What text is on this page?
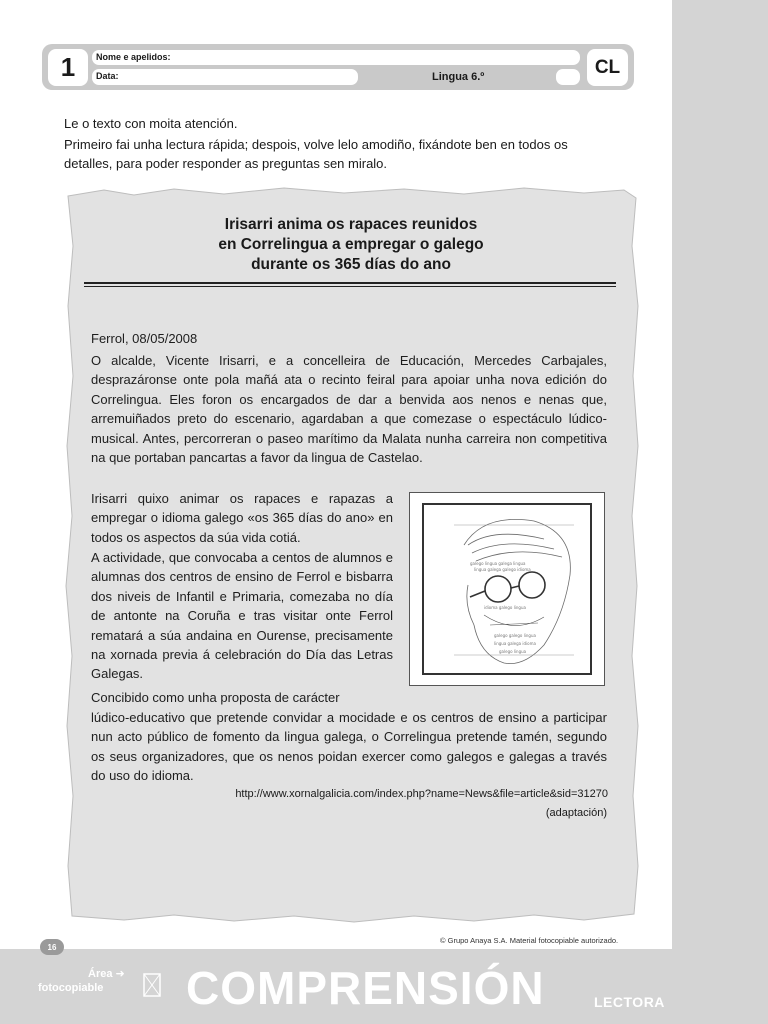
1	Nome e apelidos:
Data:	Lingua 6.º	CL
Le o texto con moita atención.
Primeiro fai unha lectura rápida; despois, volve lelo amodiño, fixándote ben en todos os
detalles, para poder responder as preguntas sen miralo.
Irisarri anima os rapaces reunidos
en Correlingua a empregar o galego
durante os 365 días do ano
Ferrol, 08/05/2008
O alcalde, Vicente Irisarri, e a concelleira de Educación, Mercedes Carbajales, desprazáronse onte pola mañá ata o recinto feiral para apoiar unha nova edición do Correlingua. Eles foron os encargados de dar a benvida aos nenos e nenas que, arremuiñados preto do escenario, agardaban a que comezase o espectáculo lúdico-musical. Antes, percorreran o paseo marítimo da Malata nunha carreira non competitiva na que portaban pancartas a favor da lingua de Castelao.
Irisarri quixo animar os rapaces e rapazas a empregar o idioma galego «os 365 días do ano» en todos os aspectos da súa vida cotiá.
A actividade, que convocaba a centos de alumnos e alumnas dos centros de ensino de Ferrol e bisbarra dos niveis de Infantil e Primaria, comezaba no día de antonte na Coruña e tras visitar onte Ferrol rematará a súa andaina en Ourense, precisamente na xornada previa á celebración do Día das Letras Galegas.
Concibido como unha proposta de carácter
lúdico-educativo que pretende convidar a mocidade e os centros de ensino a participar nun acto público de fomento da lingua galega, o Correlingua pretende tamén, segundo os seus organizadores, que os nenos poidan exercer como galegos e galegas a través do uso do idioma.
galego lingua galega lingua
lingua galega galego idioma
idioma galego lingua
galego galego lingua
lingua galega idioma
galego lingua
http://www.xornalgalicia.com/index.php?name=News&file=article&sid=31270
(adaptación)
© Grupo Anaya S.A. Material fotocopiable autorizado.
16
Área ➜
fotocopiable	COMPRENSIÓN	LECTORA
